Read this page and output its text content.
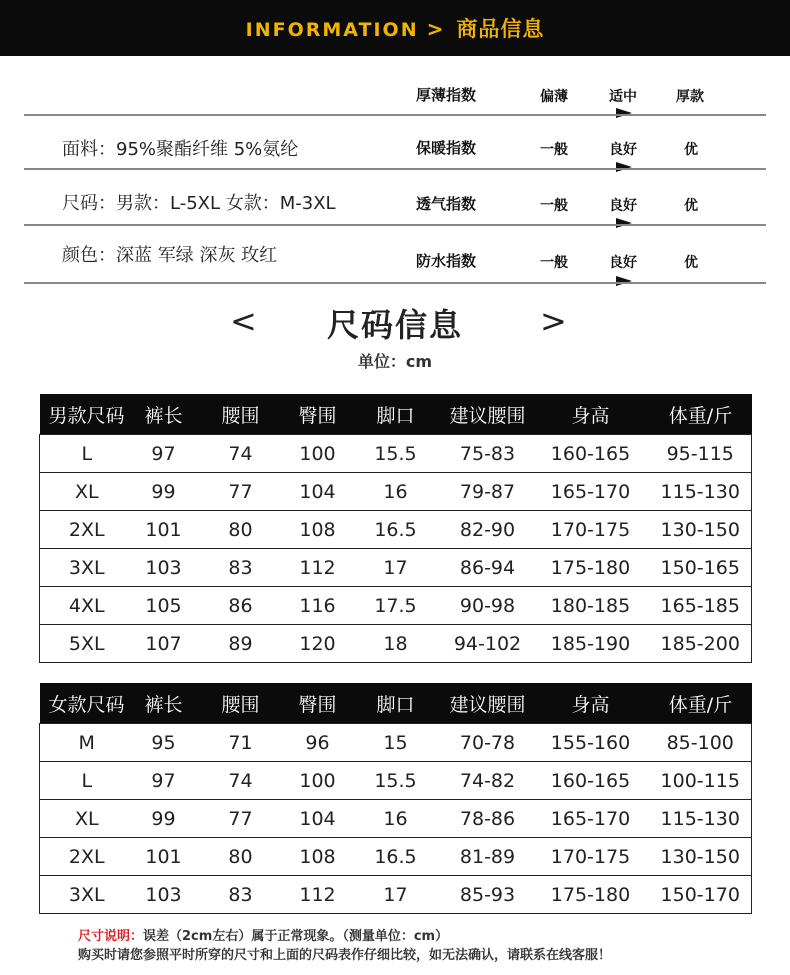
INFORMATION > 商品信息
厚薄指数	偏薄	适中	厚款
面料：95%聚酯纤维 5%氨纶	保暖指数	一般	良好	优
尺码：男款：L-5XL 女款：M-3XL	透气指数	一般	良好	优
颜色：深蓝 军绿 深灰 玫红	防水指数	一般	良好	优
<	尺码信息	>
单位：cm
男款尺码	裤长	腰围	臀围	脚口	建议腰围	身高	体重/斤
L	97	74	100	15.5	75-83	160-165	95-115
XL	99	77	104	16	79-87	165-170	115-130
2XL	101	80	108	16.5	82-90	170-175	130-150
3XL	103	83	112	17	86-94	175-180	150-165
4XL	105	86	116	17.5	90-98	180-185	165-185
5XL	107	89	120	18	94-102	185-190	185-200
女款尺码	裤长	腰围	臀围	脚口	建议腰围	身高	体重/斤
M	95	71	96	15	70-78	155-160	85-100
L	97	74	100	15.5	74-82	160-165	100-115
XL	99	77	104	16	78-86	165-170	115-130
2XL	101	80	108	16.5	81-89	170-175	130-150
3XL	103	83	112	17	85-93	175-180	150-170
尺寸说明：误差（2cm左右）属于正常现象。（测量单位：cm）
购买时请您参照平时所穿的尺寸和上面的尺码表作仔细比较，如无法确认，请联系在线客服！
